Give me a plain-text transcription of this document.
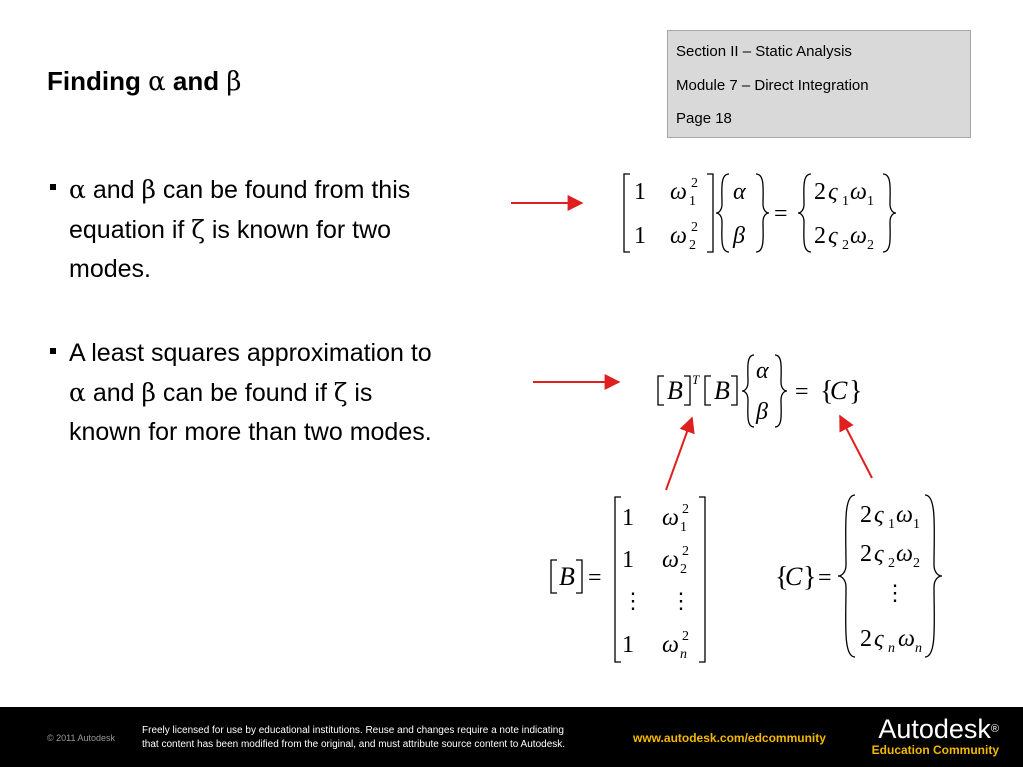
Finding α and β
Section II – Static Analysis
Module 7 – Direct Integration
Page 18
α and β can be found from this
equation if ζ is known for two
modes.
A least squares approximation to
α and β can be found if ζ is
known for more than two modes.
1 ω 1
2
1 ω 2
2
α
β
=
2 ς 1 ω 1
2 ς 2 ω 2
B T B
α
β
= {
C }
B =
1 ω 1
2
1 ω 2
2
⋮ ⋮
1 ω n
2
{
C } =
2 ς 1 ω 1
2 ς 2 ω 2
⋮
2 ς n ω n
© 2011 Autodesk
Freely licensed for use by educational institutions. Reuse and changes require a note indicating
that content has been modified from the original, and must attribute source content to Autodesk.	www.autodesk.com/edcommunity Autodesk®
Education Community
